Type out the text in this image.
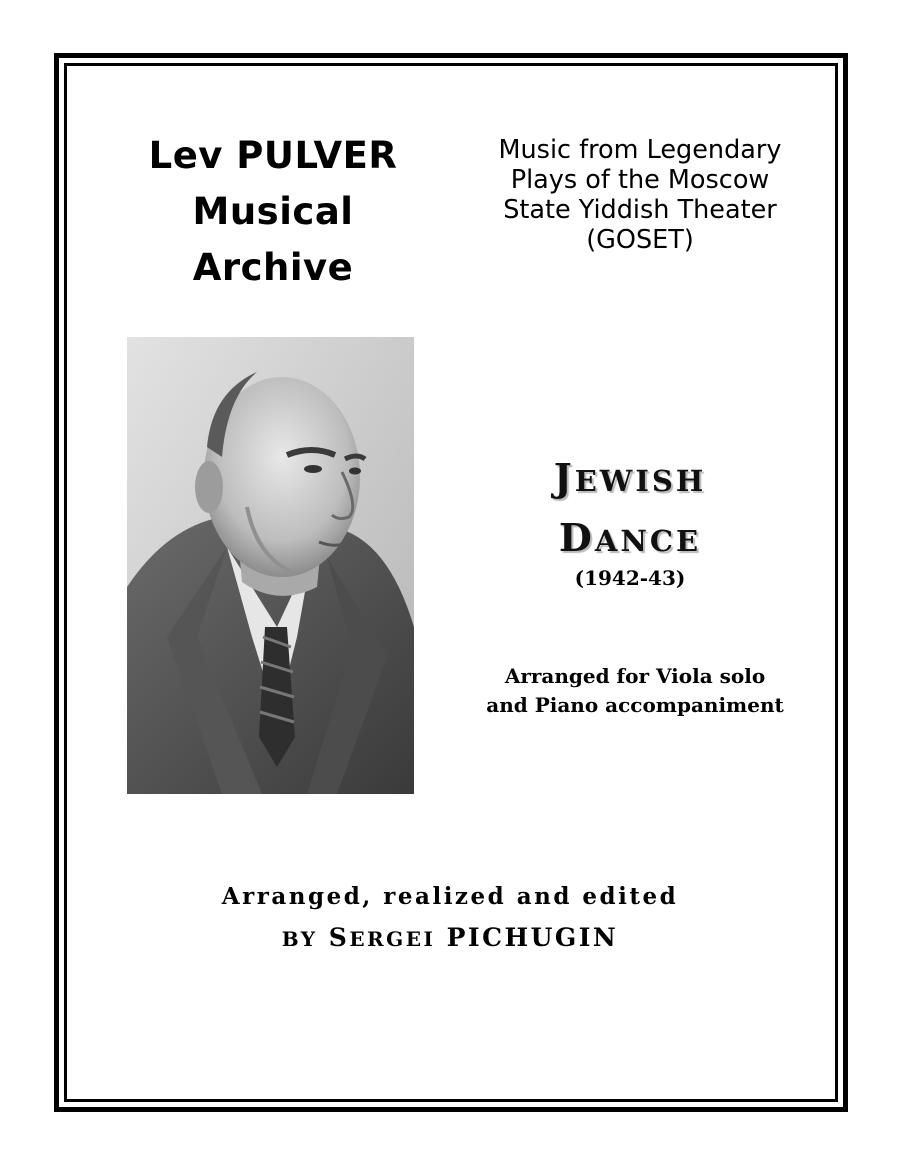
Lev PULVER
Musical
Archive
Music from Legendary
Plays of the Moscow
State Yiddish Theater
(GOSET)
JEWISH
DANCE
(1942-43)
Arranged for Viola solo
and Piano accompaniment
Arranged, realized and edited
BY SERGEI PICHUGIN
